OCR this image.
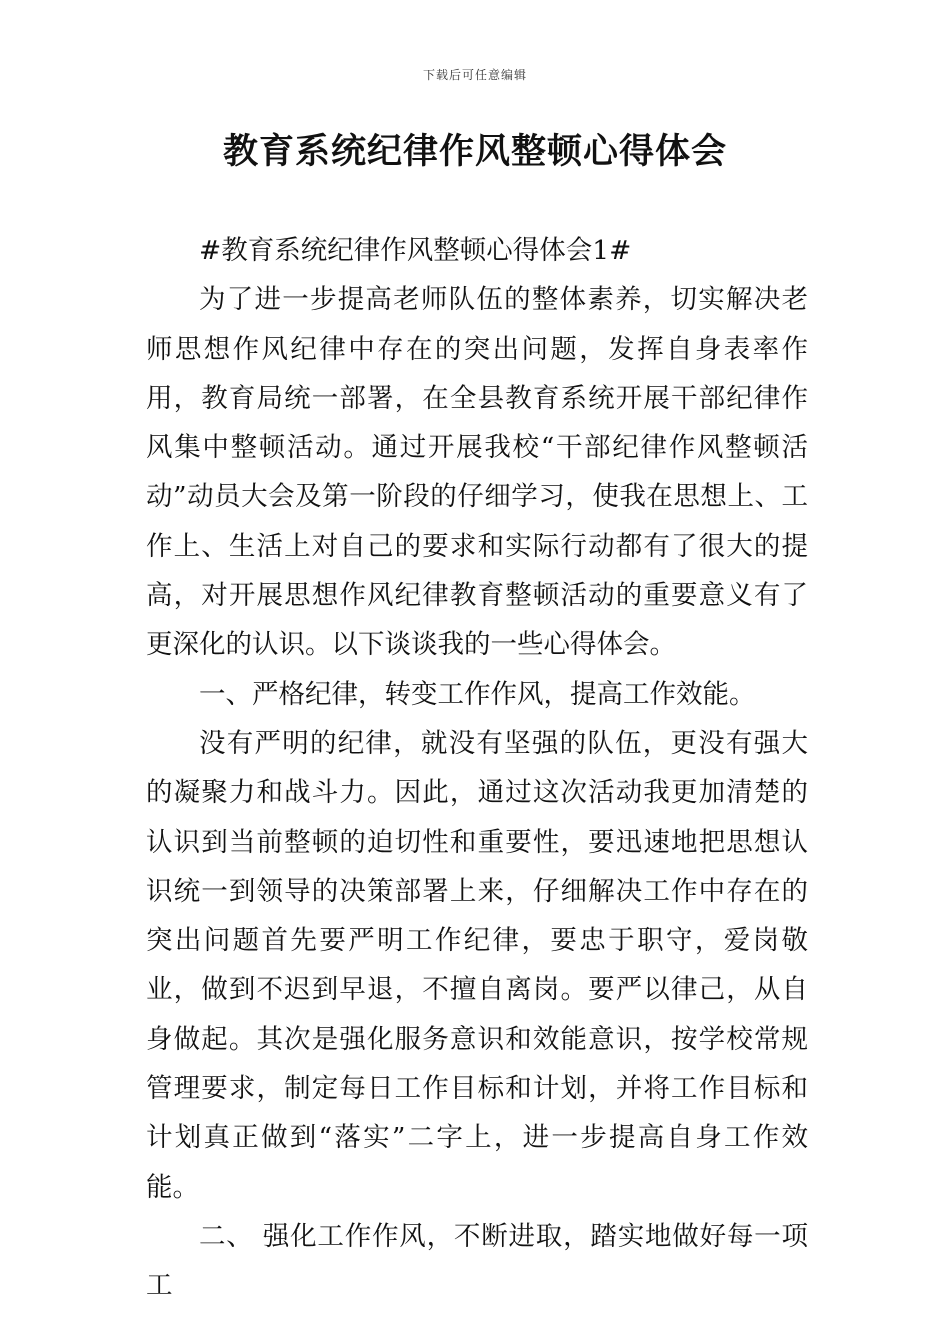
下载后可任意编辑
教育系统纪律作风整顿心得体会

#教育系统纪律作风整顿心得体会1#

为了进一步提高老师队伍的整体素养，切实解决老师思想作风纪律中存在的突出问题，发挥自身表率作用，教育局统一部署，在全县教育系统开展干部纪律作风集中整顿活动。通过开展我校“干部纪律作风整顿活动”动员大会及第一阶段的仔细学习，使我在思想上、工作上、生活上对自己的要求和实际行动都有了很大的提高，对开展思想作风纪律教育整顿活动的重要意义有了更深化的认识。以下谈谈我的一些心得体会。

一、严格纪律，转变工作作风，提高工作效能。

没有严明的纪律，就没有坚强的队伍，更没有强大的凝聚力和战斗力。因此，通过这次活动我更加清楚的认识到当前整顿的迫切性和重要性，要迅速地把思想认识统一到领导的决策部署上来，仔细解决工作中存在的突出问题首先要严明工作纪律，要忠于职守，爱岗敬业，做到不迟到早退，不擅自离岗。要严以律己，从自身做起。其次是强化服务意识和效能意识，按学校常规管理要求，制定每日工作目标和计划，并将工作目标和计划真正做到“落实”二字上，进一步提高自身工作效能。

二、 强化工作作风，不断进取，踏实地做好每一项工
